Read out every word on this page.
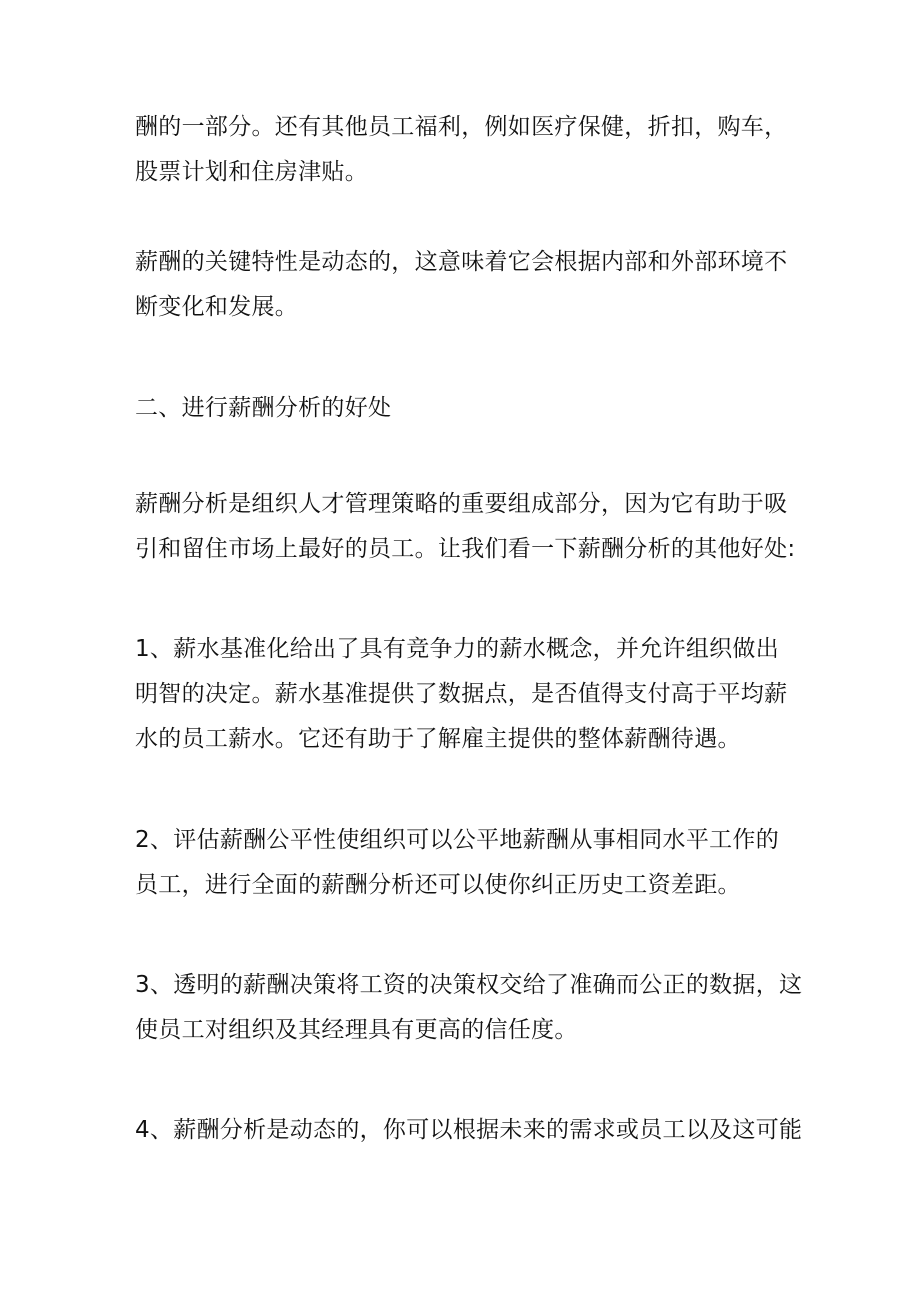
酬的一部分。还有其他员工福利，例如医疗保健，折扣，购车，
股票计划和住房津贴。

薪酬的关键特性是动态的，这意味着它会根据内部和外部环境不
断变化和发展。

二、进行薪酬分析的好处

薪酬分析是组织人才管理策略的重要组成部分，因为它有助于吸
引和留住市场上最好的员工。让我们看一下薪酬分析的其他好处:

1、薪水基准化给出了具有竞争力的薪水概念，并允许组织做出
明智的决定。薪水基准提供了数据点，是否值得支付高于平均薪
水的员工薪水。它还有助于了解雇主提供的整体薪酬待遇。

2、评估薪酬公平性使组织可以公平地薪酬从事相同水平工作的
员工，进行全面的薪酬分析还可以使你纠正历史工资差距。

3、透明的薪酬决策将工资的决策权交给了准确而公正的数据，这
使员工对组织及其经理具有更高的信任度。

4、薪酬分析是动态的，你可以根据未来的需求或员工以及这可能
